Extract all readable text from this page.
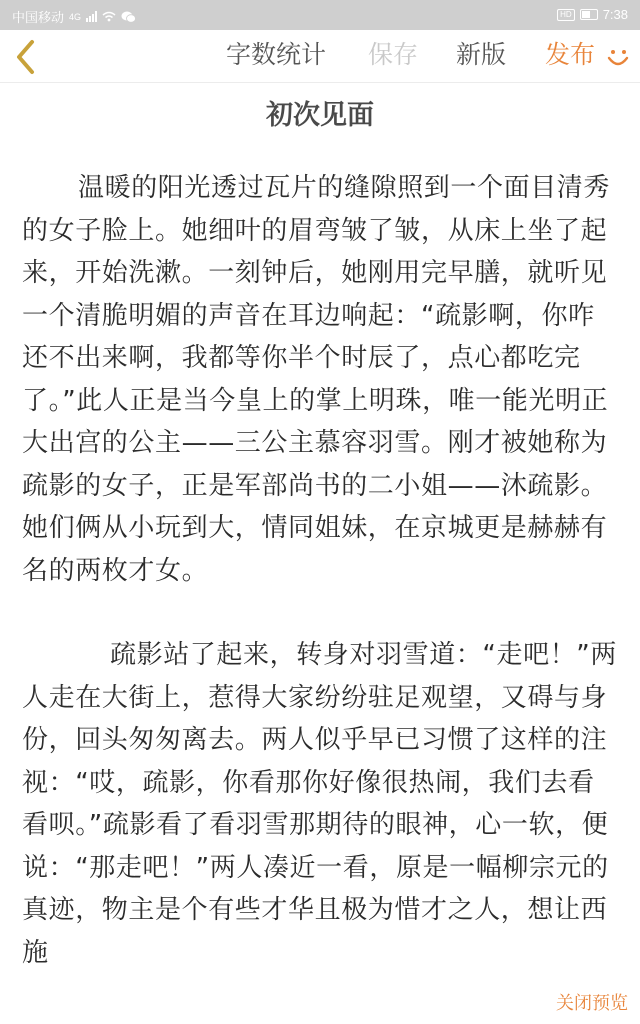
中国移动 4G	HD 7:38
字数统计 保存 新版 发布
初次见面

温暖的阳光透过瓦片的缝隙照到一个面目清秀的女子脸上。她细叶的眉弯皱了皱，从床上坐了起来，开始洗漱。一刻钟后，她刚用完早膳，就听见一个清脆明媚的声音在耳边响起：“疏影啊，你咋还不出来啊，我都等你半个时辰了，点心都吃完了。”此人正是当今皇上的掌上明珠，唯一能光明正大出宫的公主——三公主慕容羽雪。刚才被她称为疏影的女子，正是军部尚书的二小姐——沐疏影。她们俩从小玩到大，情同姐妹，在京城更是赫赫有名的两枚才女。

疏影站了起来，转身对羽雪道：“走吧！”两人走在大街上，惹得大家纷纷驻足观望，又碍与身份，回头匆匆离去。两人似乎早已习惯了这样的注视：“哎，疏影，你看那你好像很热闹，我们去看看呗。”疏影看了看羽雪那期待的眼神，心一软，便说：“那走吧！”两人凑近一看，原是一幅柳宗元的真迹，物主是个有些才华且极为惜才之人，想让西施

关闭预览
